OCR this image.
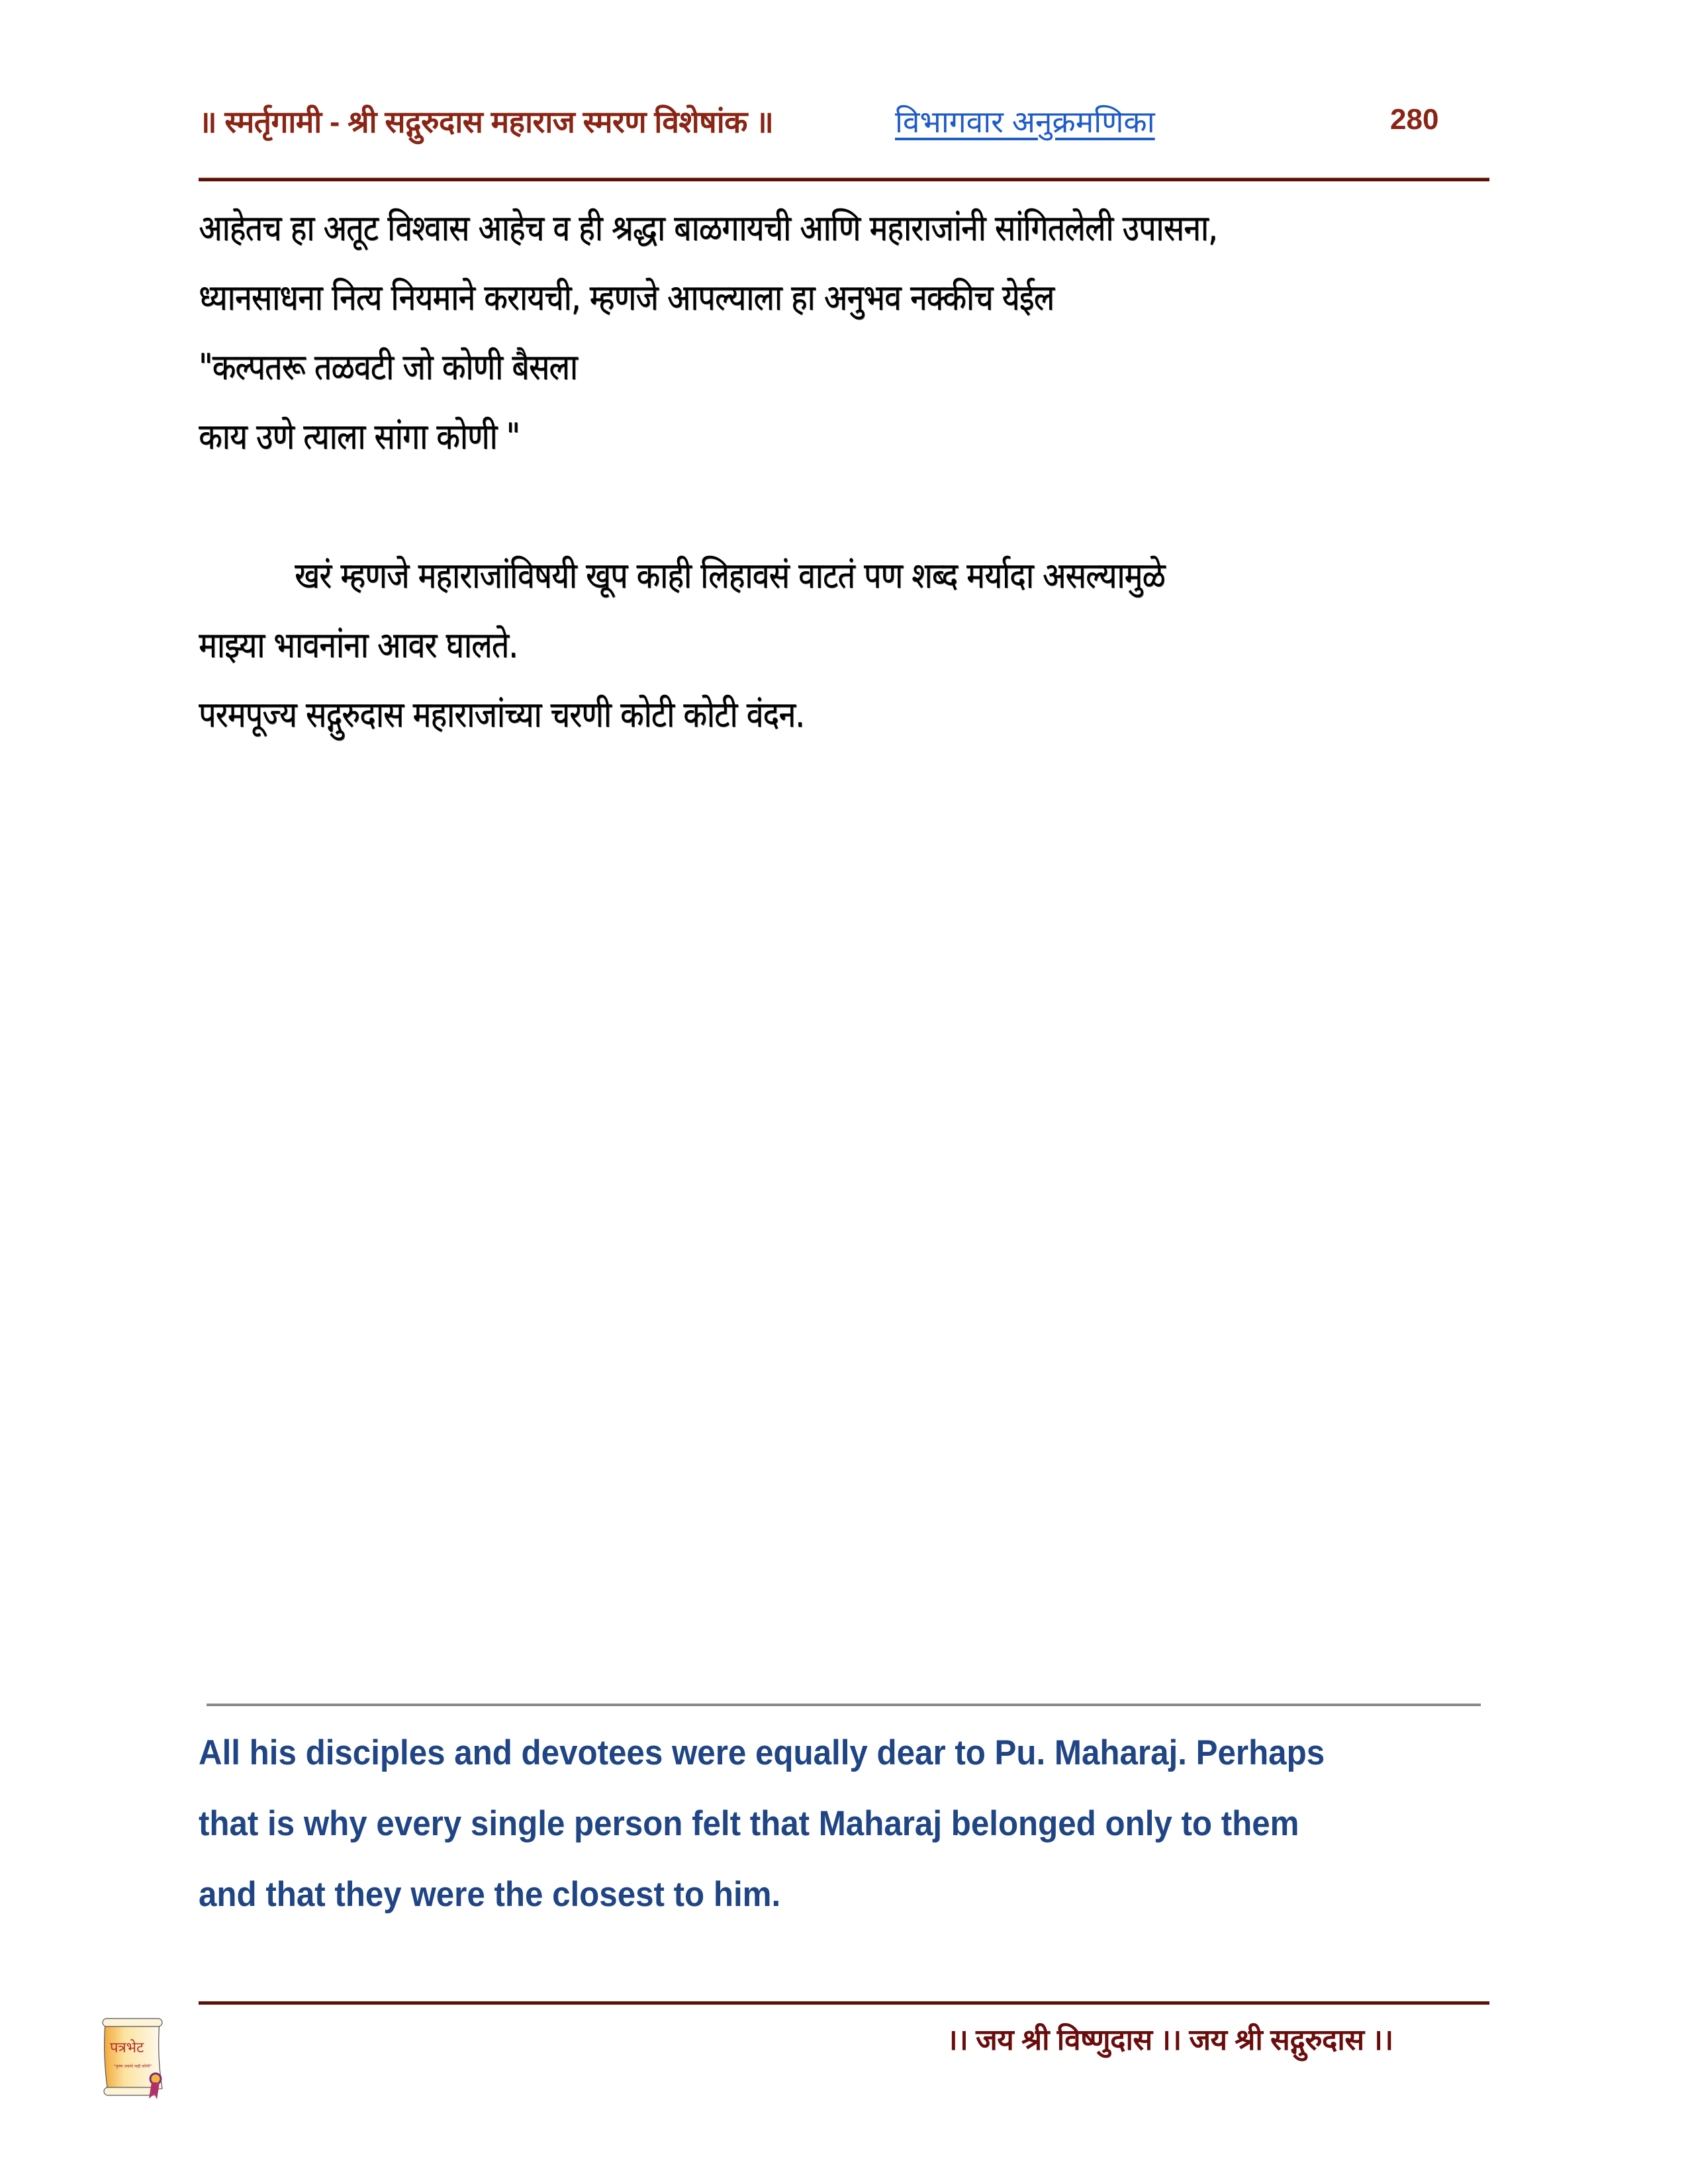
॥ स्मर्तृगामी - श्री सद्गुरुदास महाराज स्मरण विशेषांक ॥	विभागवार अनुक्रमणिका	280
आहेतच हा अतूट विश्वास आहेच व ही श्रद्धा बाळगायची आणि महाराजांनी सांगितलेली उपासना,
ध्यानसाधना नित्य नियमाने करायची, म्हणजे आपल्याला हा अनुभव नक्कीच येईल
"कल्पतरू तळवटी जो कोणी बैसला
काय उणे त्याला सांगा कोणी "
खरं म्हणजे महाराजांविषयी खूप काही लिहावसं वाटतं पण शब्द मर्यादा असल्यामुळे
माझ्या भावनांना आवर घालते.
परमपूज्य सद्गुरुदास महाराजांच्या चरणी कोटी कोटी वंदन.
All his disciples and devotees were equally dear to Pu. Maharaj. Perhaps
that is why every single person felt that Maharaj belonged only to them
and that they were the closest to him.
।। जय श्री विष्णुदास ।। जय श्री सद्गुरुदास ।।
पत्रभेट
"कृष्ण जयाचे नाही कोणी"
